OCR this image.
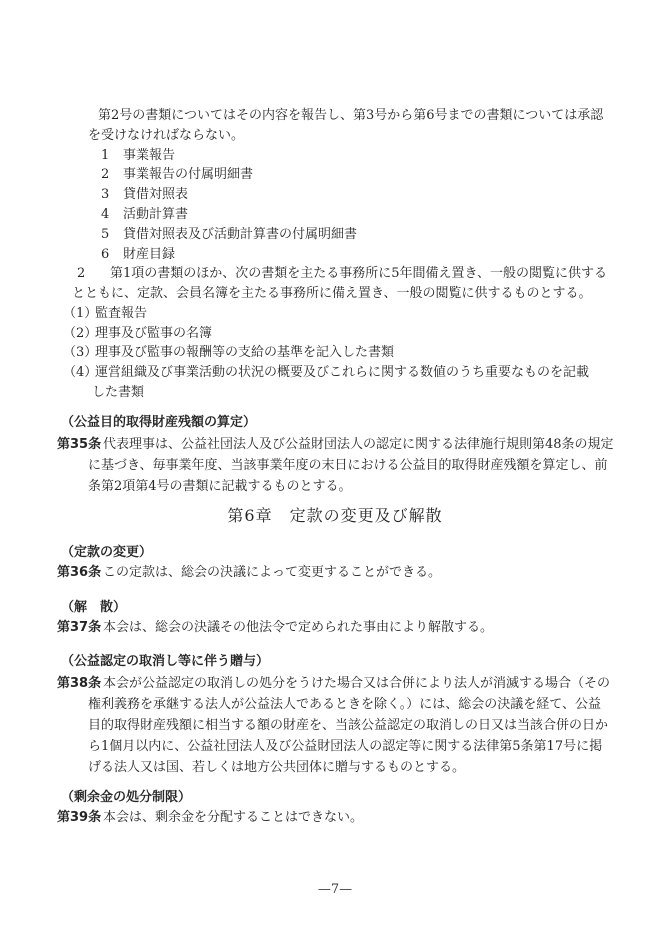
第2号の書類についてはその内容を報告し、第3号から第6号までの書類については承認
を受けなければならない。
1 事業報告
2 事業報告の付属明細書
3 貸借対照表
4 活動計算書
5 貸借対照表及び活動計算書の付属明細書
6 財産目録
2 第1項の書類のほか、次の書類を主たる事務所に5年間備え置き、一般の閲覧に供する
とともに、定款、会員名簿を主たる事務所に備え置き、一般の閲覧に供するものとする。
（1）
監査報告
（2）
理事及び監事の名簿
（3）
理事及び監事の報酬等の支給の基準を記入した書類
（4）
運営組織及び事業活動の状況の概要及びこれらに関する数値のうち重要なものを記載
した書類
（公益目的取得財産残額の算定）
第35条 代表理事は、公益社団法人及び公益財団法人の認定に関する法律施行規則第48条の規定
に基づき、毎事業年度、当該事業年度の末日における公益目的取得財産残額を算定し、前
条第2項第4号の書類に記載するものとする。
第6章　定款の変更及び解散
（定款の変更）
第36条 この定款は、総会の決議によって変更することができる。
（解　散）
第37条 本会は、総会の決議その他法令で定められた事由により解散する。
（公益認定の取消し等に伴う贈与）
第38条 本会が公益認定の取消しの処分をうけた場合又は合併により法人が消滅する場合（その
権利義務を承継する法人が公益法人であるときを除く。）には、総会の決議を経て、公益
目的取得財産残額に相当する額の財産を、当該公益認定の取消しの日又は当該合併の日か
ら1個月以内に、公益社団法人及び公益財団法人の認定等に関する法律第5条第17号に掲
げる法人又は国、若しくは地方公共団体に贈与するものとする。
（剰余金の処分制限）
第39条 本会は、剰余金を分配することはできない。
—7—
